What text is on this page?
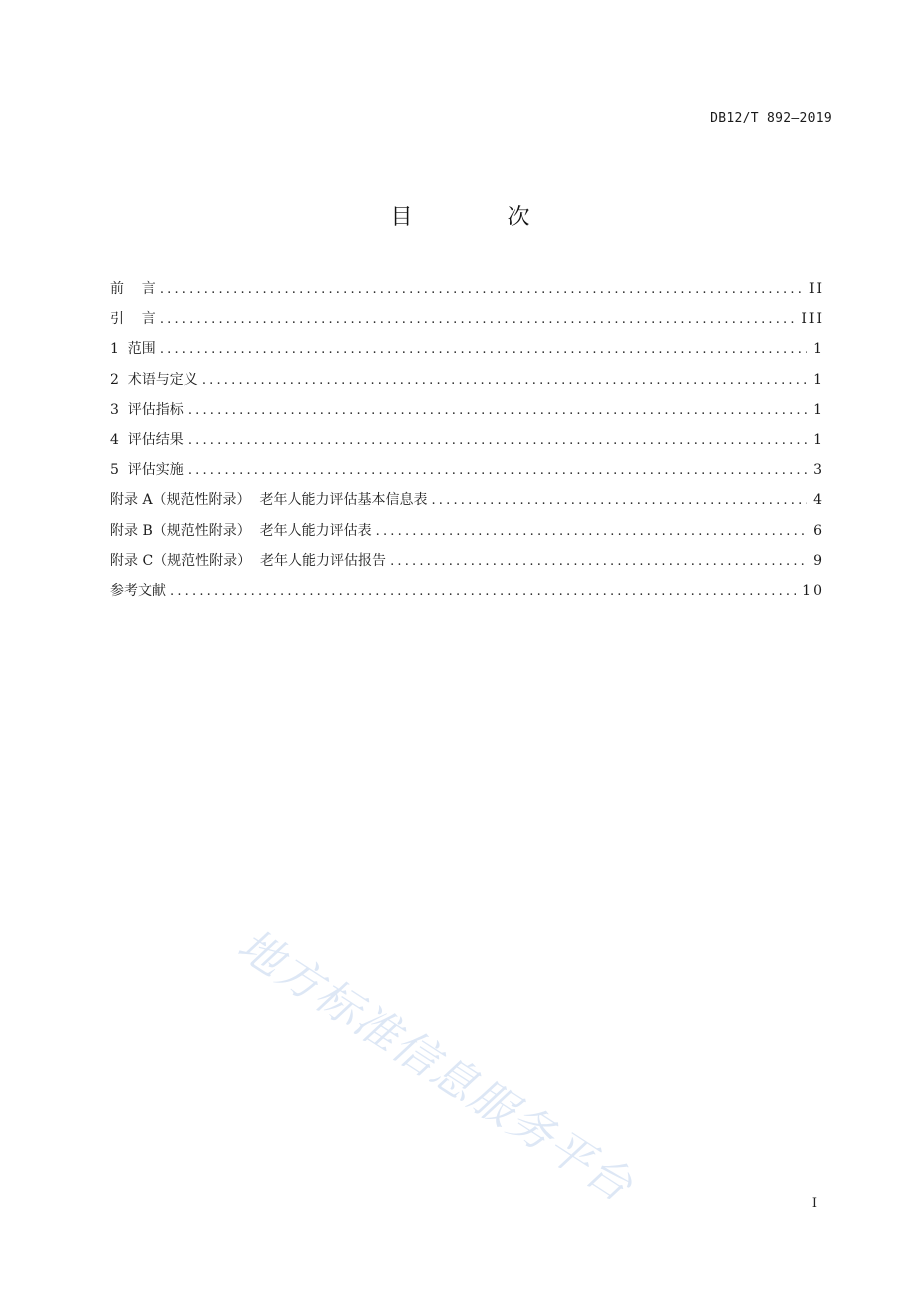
DB12/T 892—2019
目 次
前    言 .....	II
引    言 .....	III
1  范围 .....	1
2  术语与定义 .....	1
3  评估指标 .....	1
4  评估结果 .....	1
5  评估实施 .....	3
附录 A（规范性附录）  老年人能力评估基本信息表 .....	4
附录 B（规范性附录）  老年人能力评估表 .....	6
附录 C（规范性附录）  老年人能力评估报告 .....	9
参考文献 .....	10
地方标准信息服务平台	I
